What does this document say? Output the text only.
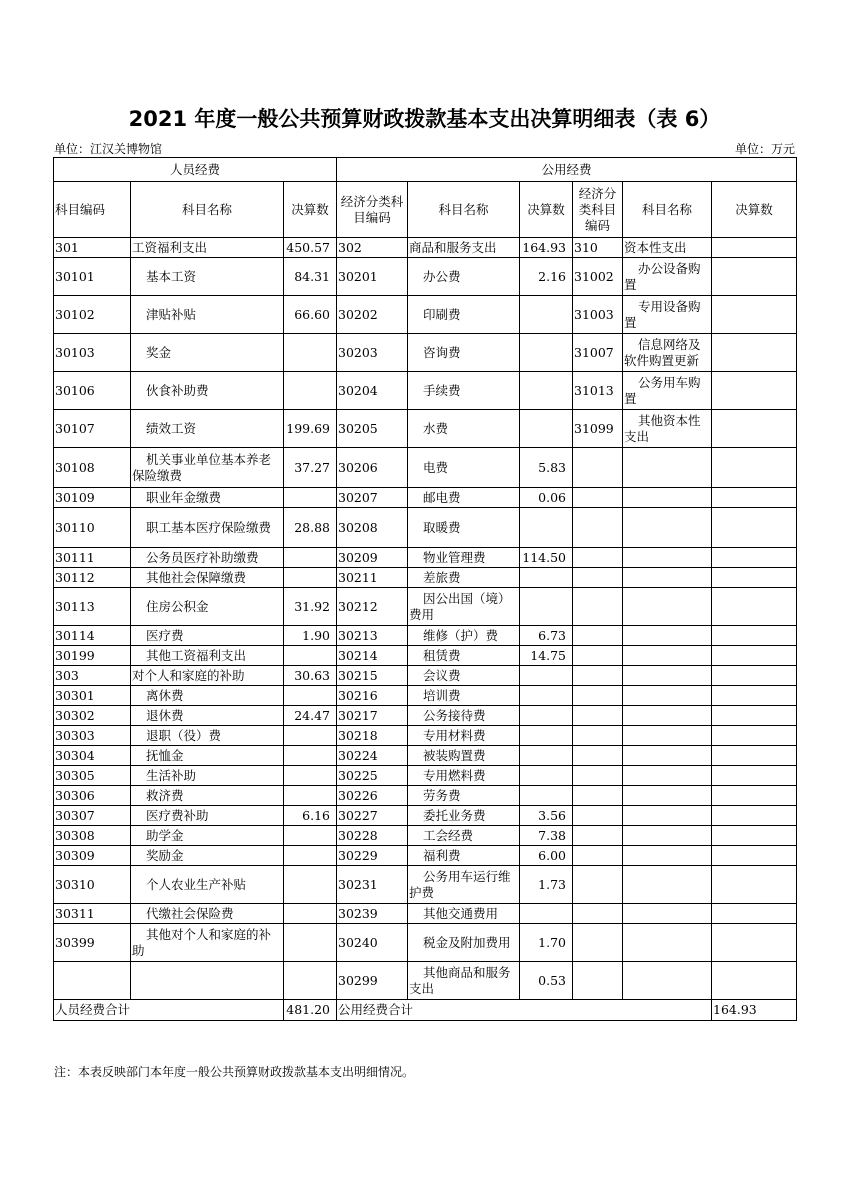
2021 年度一般公共预算财政拨款基本支出决算明细表（表 6）
单位：江汉关博物馆	单位：万元
人员经费			公用经费					
科目编码	科目名称	决算数	经济分类科目编码	科目名称	决算数	经济分类科目编码	科目名称	决算数
301	工资福利支出	450.57	302	商品和服务支出	164.93	310	资本性支出	
30101	基本工资	84.31	30201	办公费	2.16	31002	办公设备购置	
30102	津贴补贴	66.60	30202	印刷费		31003	专用设备购置	
30103	奖金		30203	咨询费		31007	信息网络及软件购置更新	
30106	伙食补助费		30204	手续费		31013	公务用车购置	
30107	绩效工资	199.69	30205	水费		31099	其他资本性支出	
30108	机关事业单位基本养老保险缴费	37.27	30206	电费	5.83			
30109	职业年金缴费		30207	邮电费	0.06			
30110	职工基本医疗保险缴费	28.88	30208	取暖费				
30111	公务员医疗补助缴费		30209	物业管理费	114.50			
30112	其他社会保障缴费		30211	差旅费				
30113	住房公积金	31.92	30212	因公出国（境）费用				
30114	医疗费	1.90	30213	维修（护）费	6.73			
30199	其他工资福利支出		30214	租赁费	14.75			
303	对个人和家庭的补助	30.63	30215	会议费				
30301	离休费		30216	培训费				
30302	退休费	24.47	30217	公务接待费				
30303	退职（役）费		30218	专用材料费				
30304	抚恤金		30224	被装购置费				
30305	生活补助		30225	专用燃料费				
30306	救济费		30226	劳务费				
30307	医疗费补助	6.16	30227	委托业务费	3.56			
30308	助学金		30228	工会经费	7.38			
30309	奖励金		30229	福利费	6.00			
30310	个人农业生产补贴		30231	公务用车运行维护费	1.73			
30311	代缴社会保险费		30239	其他交通费用				
30399	其他对个人和家庭的补助		30240	税金及附加费用	1.70			
			30299	其他商品和服务支出	0.53			
人员经费合计		481.20	公用经费合计					164.93
注：本表反映部门本年度一般公共预算财政拨款基本支出明细情况。
